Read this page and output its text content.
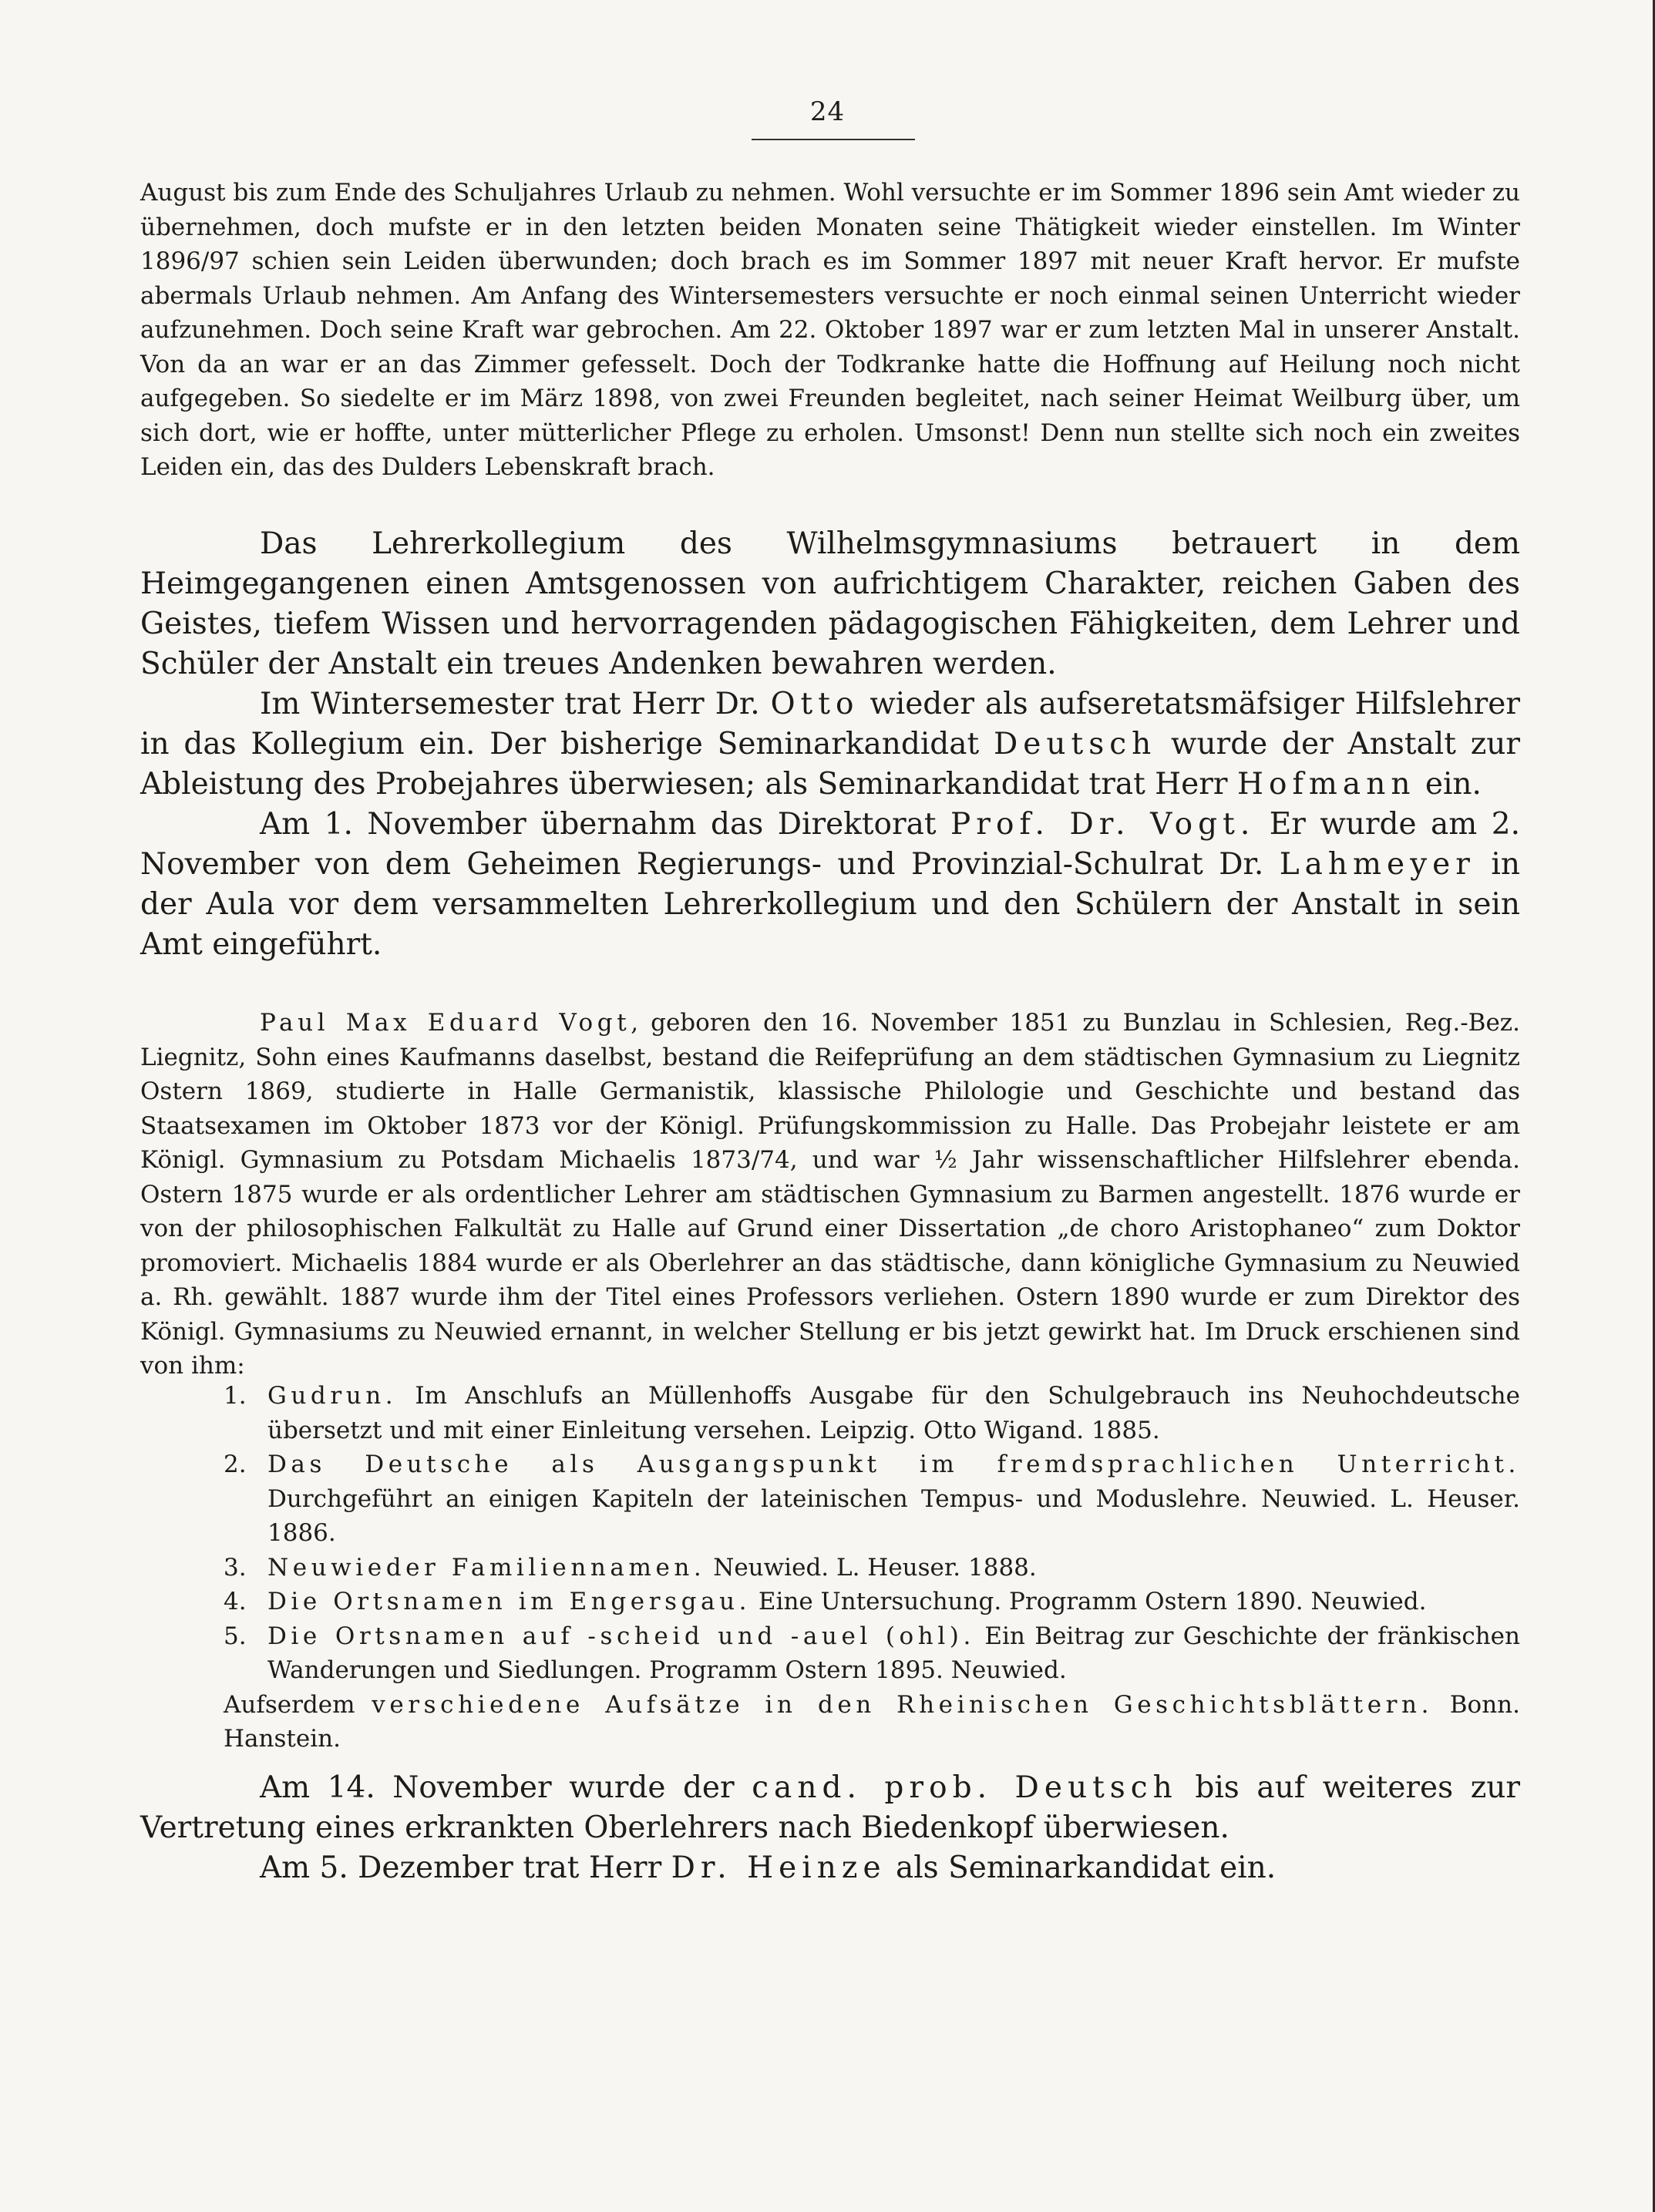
24

August bis zum Ende des Schuljahres Urlaub zu nehmen. Wohl versuchte er im Sommer 1896 sein Amt wieder zu übernehmen, doch mufste er in den letzten beiden Monaten seine Thätigkeit wieder einstellen. Im Winter 1896/97 schien sein Leiden überwunden; doch brach es im Sommer 1897 mit neuer Kraft hervor. Er mufste abermals Urlaub nehmen. Am Anfang des Wintersemesters versuchte er noch einmal seinen Unterricht wieder aufzunehmen. Doch seine Kraft war gebrochen. Am 22. Oktober 1897 war er zum letzten Mal in unserer Anstalt. Von da an war er an das Zimmer gefesselt. Doch der Todkranke hatte die Hoffnung auf Heilung noch nicht aufgegeben. So siedelte er im März 1898, von zwei Freunden begleitet, nach seiner Heimat Weilburg über, um sich dort, wie er hoffte, unter mütterlicher Pflege zu erholen. Umsonst! Denn nun stellte sich noch ein zweites Leiden ein, das des Dulders Lebenskraft brach.

Das Lehrerkollegium des Wilhelmsgymnasiums betrauert in dem Heimgegangenen einen Amtsgenossen von aufrichtigem Charakter, reichen Gaben des Geistes, tiefem Wissen und hervorragenden pädagogischen Fähigkeiten, dem Lehrer und Schüler der Anstalt ein treues Andenken bewahren werden.

Im Wintersemester trat Herr Dr. Otto wieder als aufseretatsmäfsiger Hilfslehrer in das Kollegium ein. Der bisherige Seminarkandidat Deutsch wurde der Anstalt zur Ableistung des Probejahres überwiesen; als Seminarkandidat trat Herr Hofmann ein.

Am 1. November übernahm das Direktorat Prof. Dr. Vogt. Er wurde am 2. November von dem Geheimen Regierungs- und Provinzial-Schulrat Dr. Lahmeyer in der Aula vor dem versammelten Lehrerkollegium und den Schülern der Anstalt in sein Amt eingeführt.

Paul Max Eduard Vogt, geboren den 16. November 1851 zu Bunzlau in Schlesien, Reg.-Bez. Liegnitz, Sohn eines Kaufmanns daselbst, bestand die Reifeprüfung an dem städtischen Gymnasium zu Liegnitz Ostern 1869, studierte in Halle Germanistik, klassische Philologie und Geschichte und bestand das Staatsexamen im Oktober 1873 vor der Königl. Prüfungskommission zu Halle. Das Probejahr leistete er am Königl. Gymnasium zu Potsdam Michaelis 1873/74, und war ½ Jahr wissenschaftlicher Hilfslehrer ebenda. Ostern 1875 wurde er als ordentlicher Lehrer am städtischen Gymnasium zu Barmen angestellt. 1876 wurde er von der philosophischen Falkultät zu Halle auf Grund einer Dissertation „de choro Aristophaneo“ zum Doktor promoviert. Michaelis 1884 wurde er als Oberlehrer an das städtische, dann königliche Gymnasium zu Neuwied a. Rh. gewählt. 1887 wurde ihm der Titel eines Professors verliehen. Ostern 1890 wurde er zum Direktor des Königl. Gymnasiums zu Neuwied ernannt, in welcher Stellung er bis jetzt gewirkt hat. Im Druck erschienen sind von ihm:

1. Gudrun. Im Anschlufs an Müllenhoffs Ausgabe für den Schulgebrauch ins Neuhochdeutsche übersetzt und mit einer Einleitung versehen. Leipzig. Otto Wigand. 1885.
2. Das Deutsche als Ausgangspunkt im fremdsprachlichen Unterricht. Durchgeführt an einigen Kapiteln der lateinischen Tempus- und Moduslehre. Neuwied. L. Heuser. 1886.
3. Neuwieder Familiennamen. Neuwied. L. Heuser. 1888.
4. Die Ortsnamen im Engersgau. Eine Untersuchung. Programm Ostern 1890. Neuwied.
5. Die Ortsnamen auf -scheid und -auel (ohl). Ein Beitrag zur Geschichte der fränkischen Wanderungen und Siedlungen. Programm Ostern 1895. Neuwied.
Aufserdem verschiedene Aufsätze in den Rheinischen Geschichtsblättern. Bonn. Hanstein.

Am 14. November wurde der cand. prob. Deutsch bis auf weiteres zur Vertretung eines erkrankten Oberlehrers nach Biedenkopf überwiesen.

Am 5. Dezember trat Herr Dr. Heinze als Seminarkandidat ein.
